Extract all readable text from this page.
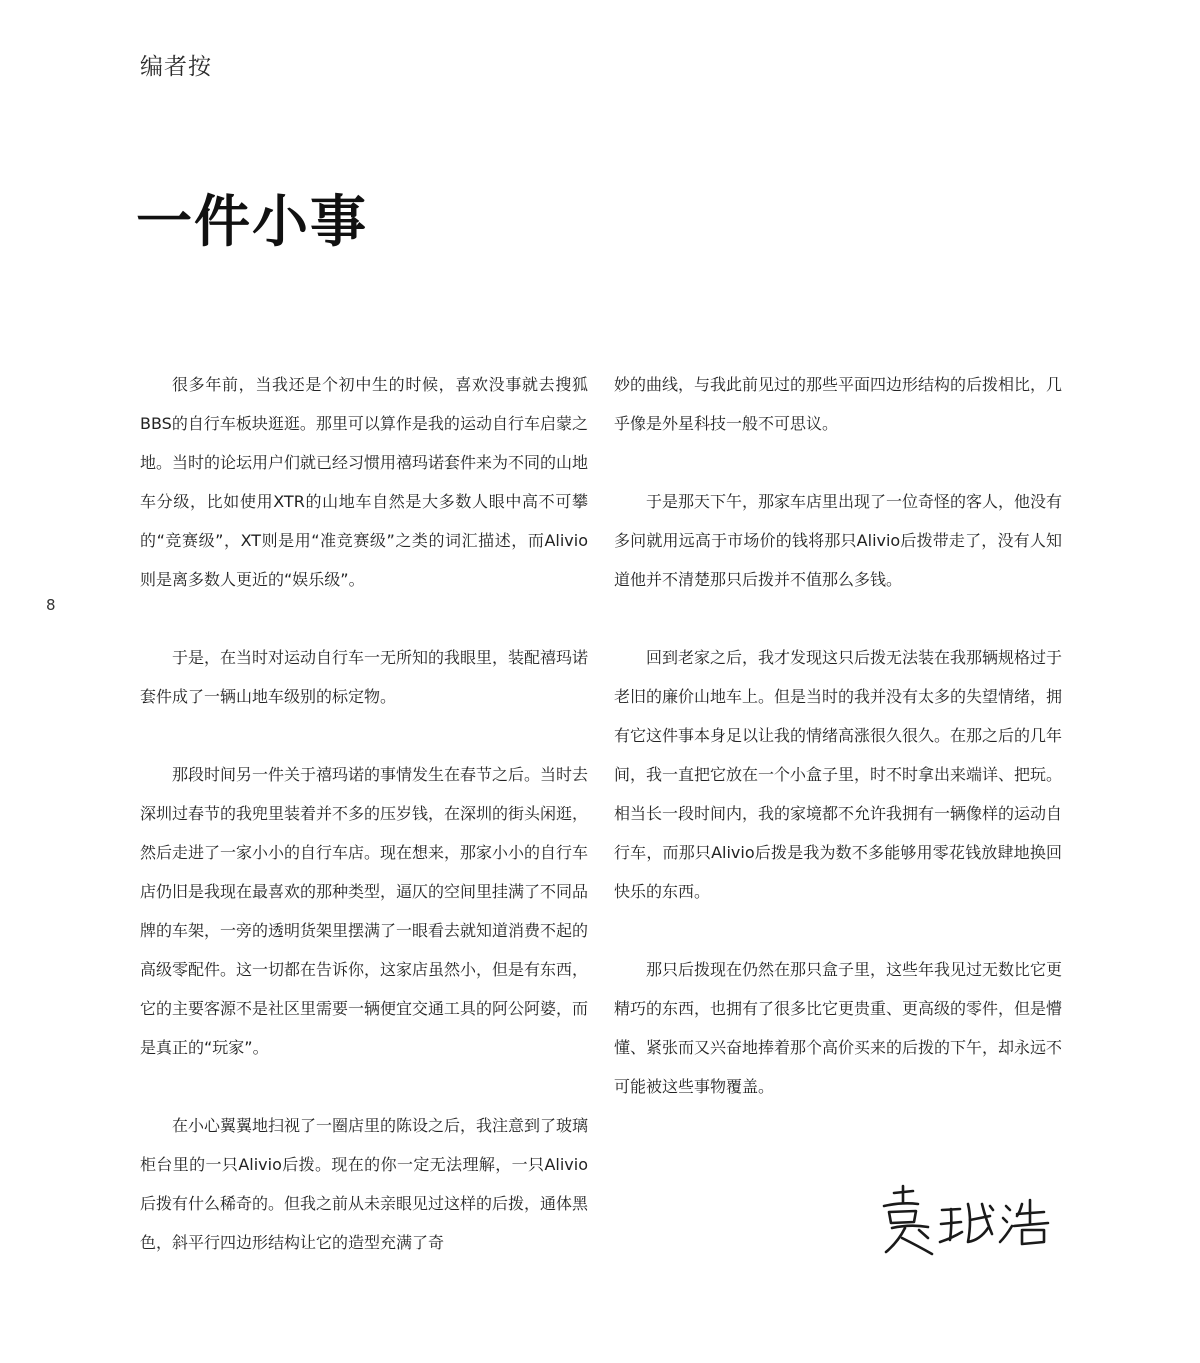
编者按
一件小事
8

很多年前，当我还是个初中生的时候，喜欢没事就去搜狐BBS的自行车板块逛逛。那里可以算作是我的运动自行车启蒙之地。当时的论坛用户们就已经习惯用禧玛诺套件来为不同的山地车分级，比如使用XTR的山地车自然是大多数人眼中高不可攀的“竞赛级”，XT则是用“准竞赛级”之类的词汇描述，而Alivio则是离多数人更近的“娱乐级”。

于是，在当时对运动自行车一无所知的我眼里，装配禧玛诺套件成了一辆山地车级别的标定物。

那段时间另一件关于禧玛诺的事情发生在春节之后。当时去深圳过春节的我兜里装着并不多的压岁钱，在深圳的街头闲逛，然后走进了一家小小的自行车店。现在想来，那家小小的自行车店仍旧是我现在最喜欢的那种类型，逼仄的空间里挂满了不同品牌的车架，一旁的透明货架里摆满了一眼看去就知道消费不起的高级零配件。这一切都在告诉你，这家店虽然小，但是有东西，它的主要客源不是社区里需要一辆便宜交通工具的阿公阿婆，而是真正的“玩家”。

在小心翼翼地扫视了一圈店里的陈设之后，我注意到了玻璃柜台里的一只Alivio后拨。现在的你一定无法理解，一只Alivio后拨有什么稀奇的。但我之前从未亲眼见过这样的后拨，通体黑色，斜平行四边形结构让它的造型充满了奇

妙的曲线，与我此前见过的那些平面四边形结构的后拨相比，几乎像是外星科技一般不可思议。

于是那天下午，那家车店里出现了一位奇怪的客人，他没有多问就用远高于市场价的钱将那只Alivio后拨带走了，没有人知道他并不清楚那只后拨并不值那么多钱。

回到老家之后，我才发现这只后拨无法装在我那辆规格过于老旧的廉价山地车上。但是当时的我并没有太多的失望情绪，拥有它这件事本身足以让我的情绪高涨很久很久。在那之后的几年间，我一直把它放在一个小盒子里，时不时拿出来端详、把玩。相当长一段时间内，我的家境都不允许我拥有一辆像样的运动自行车，而那只Alivio后拨是我为数不多能够用零花钱放肆地换回快乐的东西。

那只后拨现在仍然在那只盒子里，这些年我见过无数比它更精巧的东西，也拥有了很多比它更贵重、更高级的零件，但是懵懂、紧张而又兴奋地捧着那个高价买来的后拨的下午，却永远不可能被这些事物覆盖。
